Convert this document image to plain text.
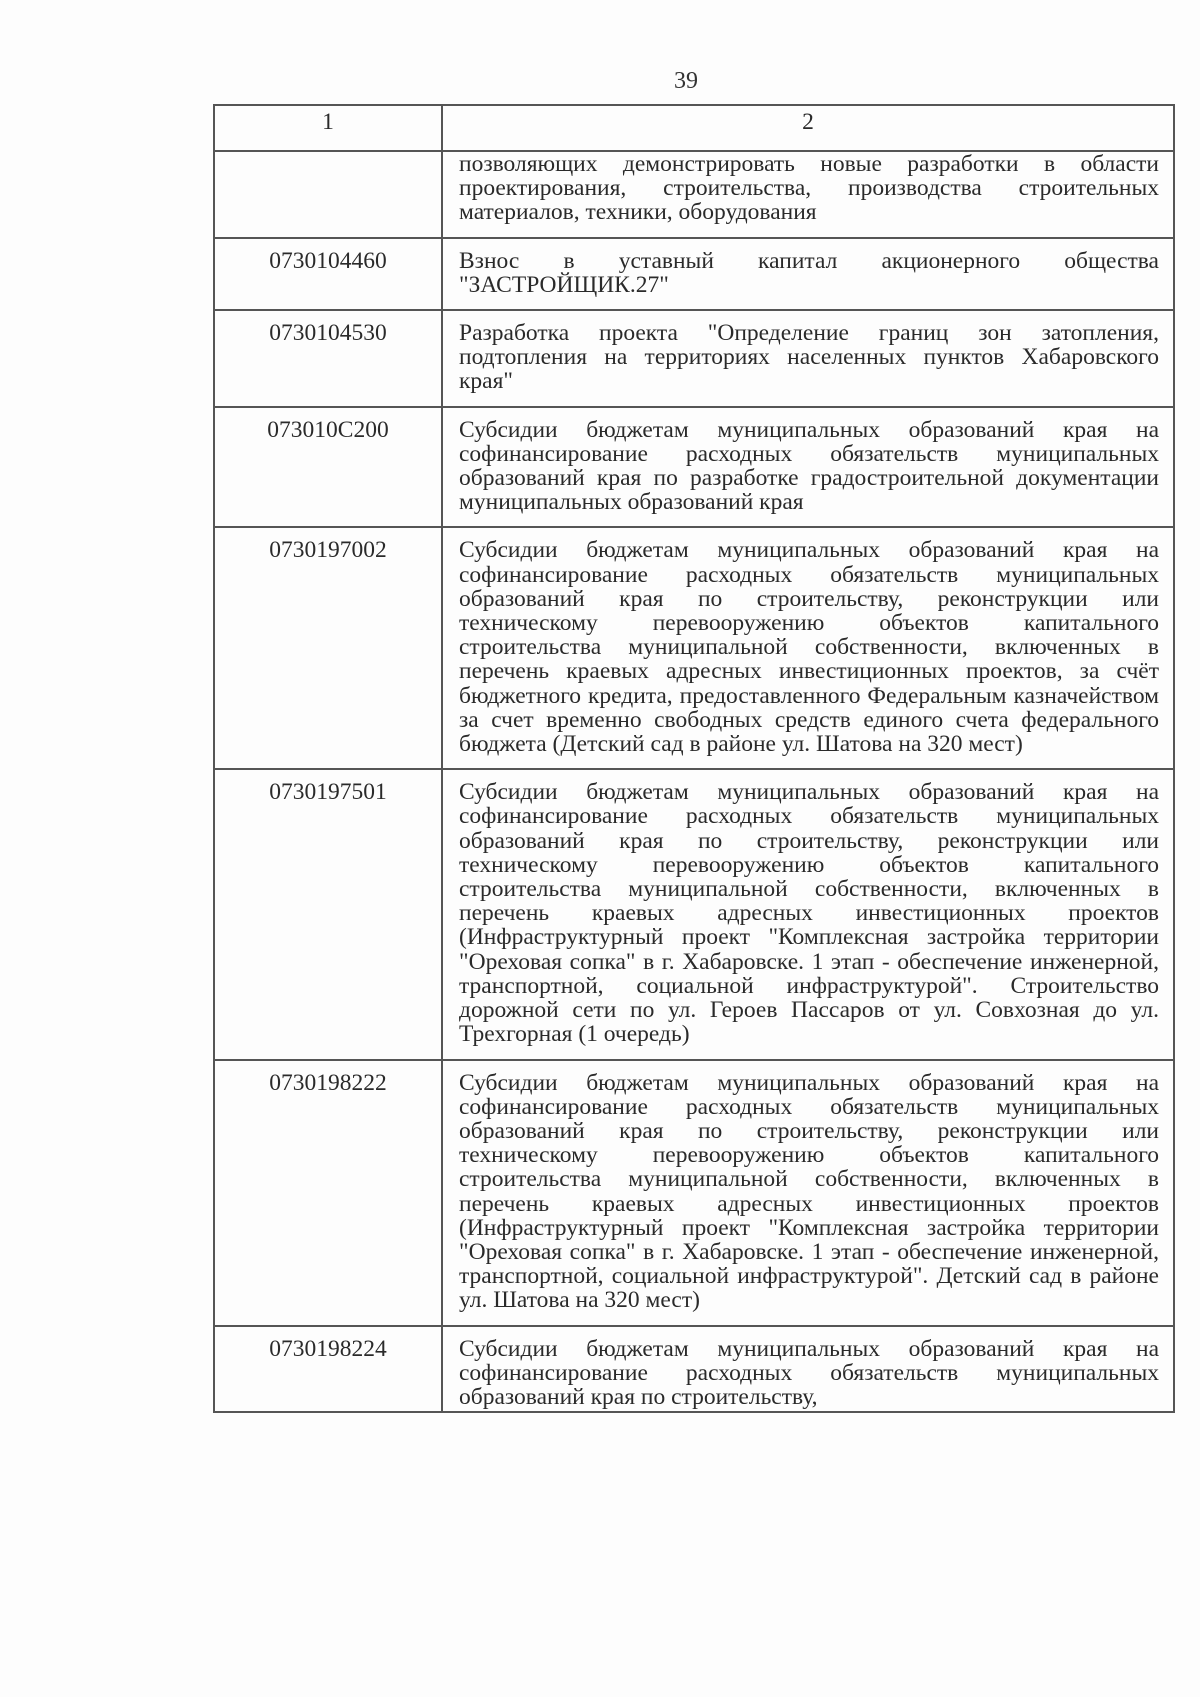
39
1	2
	позволяющих демонстрировать новые разработки в области проектирования, строительства, производства строительных материалов, техники, оборудования
0730104460	Взнос в уставный капитал акционерного общества "ЗАСТРОЙЩИК.27"
0730104530	Разработка проекта "Определение границ зон затопления, подтопления на территориях населенных пунктов Хабаровского края"
073010С200	Субсидии бюджетам муниципальных образований края на софинансирование расходных обязательств муниципальных образований края по разработке градостроительной документации муниципальных образований края
0730197002	Субсидии бюджетам муниципальных образований края на софинансирование расходных обязательств муниципальных образований края по строительству, реконструкции или техническому перевооружению объектов капитального строительства муниципальной собственности, включенных в перечень краевых адресных инвестиционных проектов, за счёт бюджетного кредита, предоставленного Федеральным казначейством за счет временно свободных средств единого счета федерального бюджета (Детский сад в районе ул. Шатова на 320 мест)
0730197501	Субсидии бюджетам муниципальных образований края на софинансирование расходных обязательств муниципальных образований края по строительству, реконструкции или техническому перевооружению объектов капитального строительства муниципальной собственности, включенных в перечень краевых адресных инвестиционных проектов (Инфраструктурный проект "Комплексная застройка территории "Ореховая сопка" в г. Хабаровске. 1 этап - обеспечение инженерной, транспортной, социальной инфраструктурой". Строительство дорожной сети по ул. Героев Пассаров от ул. Совхозная до ул. Трехгорная (1 очередь)
0730198222	Субсидии бюджетам муниципальных образований края на софинансирование расходных обязательств муниципальных образований края по строительству, реконструкции или техническому перевооружению объектов капитального строительства муниципальной собственности, включенных в перечень краевых адресных инвестиционных проектов (Инфраструктурный проект "Комплексная застройка территории "Ореховая сопка" в г. Хабаровске. 1 этап - обеспечение инженерной, транспортной, социальной инфраструктурой". Детский сад в районе ул. Шатова на 320 мест)
0730198224	Субсидии бюджетам муниципальных образований края на софинансирование расходных обязательств муниципальных образований края по строительству,
